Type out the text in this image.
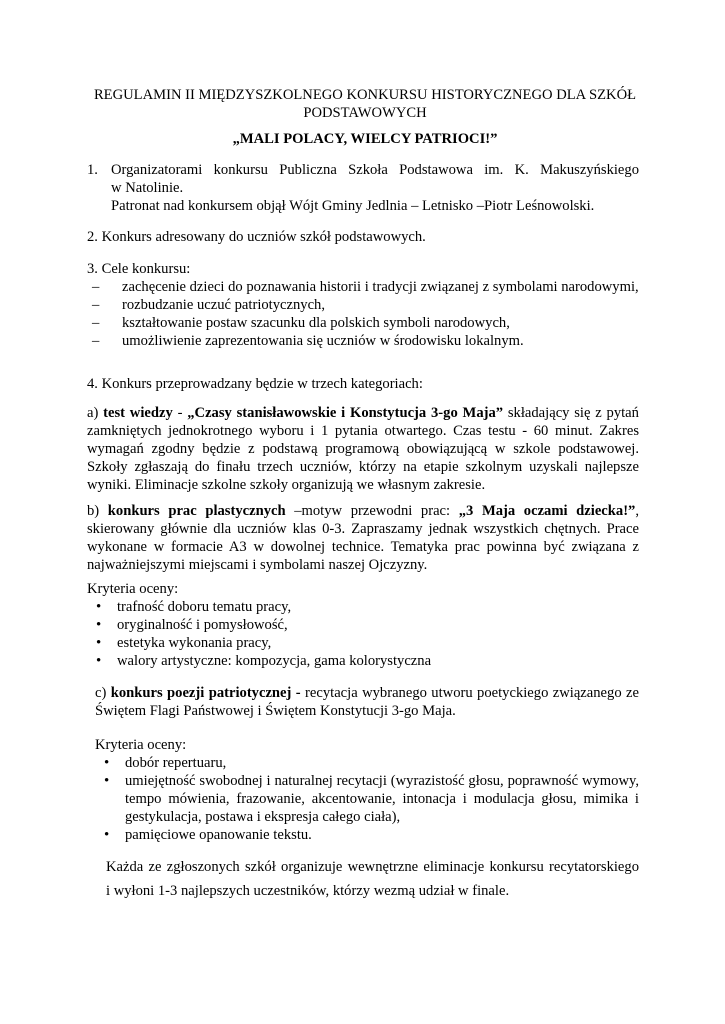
REGULAMIN II MIĘDZYSZKOLNEGO KONKURSU HISTORYCZNEGO DLA SZKÓŁ
PODSTAWOWYCH
„MALI POLACY, WIELCY PATRIOCI!”
1. Organizatorami konkursu Publiczna Szkoła Podstawowa im. K. Makuszyńskiego
w Natolinie.
Patronat nad konkursem objął Wójt Gminy Jedlnia – Letnisko –Piotr Leśnowolski.
2. Konkurs adresowany do uczniów szkół podstawowych.
3. Cele konkursu:
– zachęcenie dzieci do poznawania historii i tradycji związanej z symbolami narodowymi,
– rozbudzanie uczuć patriotycznych,
– kształtowanie postaw szacunku dla polskich symboli narodowych,
– umożliwienie zaprezentowania się uczniów w środowisku lokalnym.
4. Konkurs przeprowadzany będzie w trzech kategoriach:
a) test wiedzy - „Czasy stanisławowskie i Konstytucja 3-go Maja” składający się z pytań zamkniętych jednokrotnego wyboru i 1 pytania otwartego. Czas testu - 60 minut. Zakres wymagań zgodny będzie z podstawą programową obowiązującą w szkole podstawowej. Szkoły zgłaszają do finału trzech uczniów, którzy na etapie szkolnym uzyskali najlepsze wyniki. Eliminacje szkolne szkoły organizują we własnym zakresie.
b) konkurs prac plastycznych –motyw przewodni prac: „3 Maja oczami dziecka!”, skierowany głównie dla uczniów klas 0-3. Zapraszamy jednak wszystkich chętnych. Prace wykonane w formacie A3 w dowolnej technice. Tematyka prac powinna być związana z najważniejszymi miejscami i symbolami naszej Ojczyzny.
Kryteria oceny:
• trafność doboru tematu pracy,
• oryginalność i pomysłowość,
• estetyka wykonania pracy,
• walory artystyczne: kompozycja, gama kolorystyczna
c) konkurs poezji patriotycznej - recytacja wybranego utworu poetyckiego związanego ze Świętem Flagi Państwowej i Świętem Konstytucji 3-go Maja.
Kryteria oceny:
• dobór repertuaru,
• umiejętność swobodnej i naturalnej recytacji (wyrazistość głosu, poprawność wymowy, tempo mówienia, frazowanie, akcentowanie, intonacja i modulacja głosu, mimika i gestykulacja, postawa i ekspresja całego ciała),
• pamięciowe opanowanie tekstu.
Każda ze zgłoszonych szkół organizuje wewnętrzne eliminacje konkursu recytatorskiego
i wyłoni 1-3 najlepszych uczestników, którzy wezmą udział w finale.
